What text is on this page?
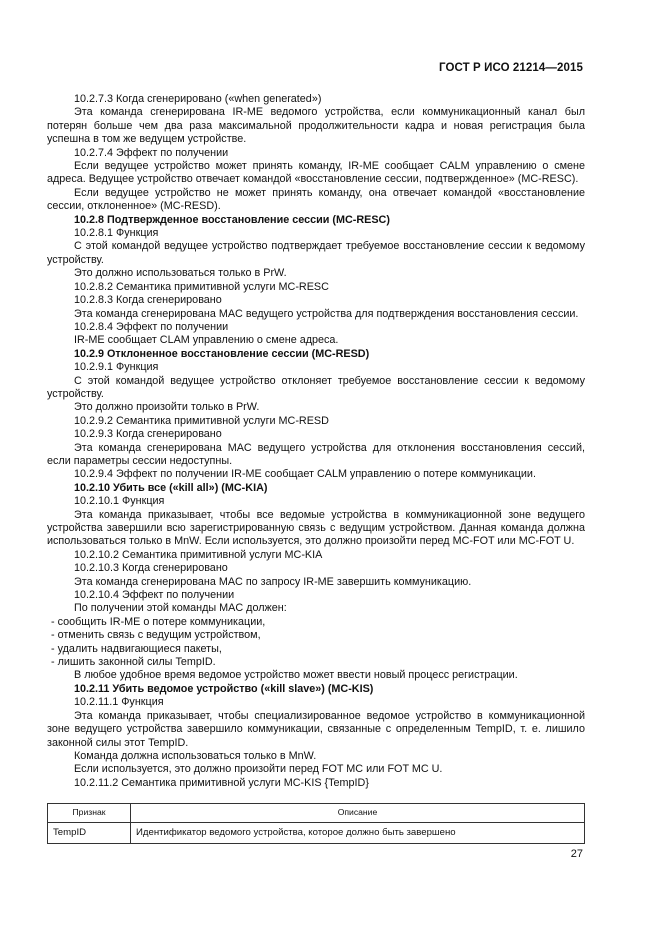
ГОСТ Р ИСО 21214—2015

10.2.7.3 Когда сгенерировано («when generated»)

Эта команда сгенерирована IR-ME ведомого устройства, если коммуникационный канал был потерян больше чем два раза максимальной продолжительности кадра и новая регистрация была успешна в том же ведущем устройстве.

10.2.7.4 Эффект по получении

Если ведущее устройство может принять команду, IR-ME сообщает CALM управлению о смене адреса. Ведущее устройство отвечает командой «восстановление сессии, подтвержденное» (MC-RESC).

Если ведущее устройство не может принять команду, она отвечает командой «восстановление сессии, отклоненное» (MC-RESD).

10.2.8 Подтвержденное восстановление сессии (MC-RESC)

10.2.8.1 Функция

С этой командой ведущее устройство подтверждает требуемое восстановление сессии к ведомому устройству.

Это должно использоваться только в PrW.

10.2.8.2 Семантика примитивной услуги MC-RESC

10.2.8.3 Когда сгенерировано

Эта команда сгенерирована MAC ведущего устройства для подтверждения восстановления сессии.

10.2.8.4 Эффект по получении

IR-ME сообщает CLAM управлению о смене адреса.

10.2.9 Отклоненное восстановление сессии (MC-RESD)

10.2.9.1 Функция

С этой командой ведущее устройство отклоняет требуемое восстановление сессии к ведомому устройству.

Это должно произойти только в PrW.

10.2.9.2 Семантика примитивной услуги MC-RESD

10.2.9.3 Когда сгенерировано

Эта команда сгенерирована MAC ведущего устройства для отклонения восстановления сессий, если параметры сессии недоступны.

10.2.9.4 Эффект по получении IR-ME сообщает CALM управлению о потере коммуникации.

10.2.10 Убить все («kill all») (MC-KIA)

10.2.10.1 Функция

Эта команда приказывает, чтобы все ведомые устройства в коммуникационной зоне ведущего устройства завершили всю зарегистрированную связь с ведущим устройством. Данная команда должна использоваться только в MnW. Если используется, это должно произойти перед MC-FOT или MC-FOT U.

10.2.10.2 Семантика примитивной услуги MC-KIA

10.2.10.3 Когда сгенерировано

Эта команда сгенерирована MAC по запросу IR-ME завершить коммуникацию.

10.2.10.4 Эффект по получении

По получении этой команды MAC должен:

- сообщить IR-ME о потере коммуникации,

- отменить связь с ведущим устройством,

- удалить надвигающиеся пакеты,

- лишить законной силы TempID.

В любое удобное время ведомое устройство может ввести новый процесс регистрации.

10.2.11 Убить ведомое устройство («kill slave») (MC-KIS)

10.2.11.1 Функция

Эта команда приказывает, чтобы специализированное ведомое устройство в коммуникационной зоне ведущего устройства завершило коммуникации, связанные с определенным TempID, т. е. лишило законной силы этот TempID.

Команда должна использоваться только в MnW.

Если используется, это должно произойти перед FOT MC или FOT MC U.

10.2.11.2 Семантика примитивной услуги MC-KIS {TempID}

Признак	Описание
TempID	Идентификатор ведомого устройства, которое должно быть завершено
27
